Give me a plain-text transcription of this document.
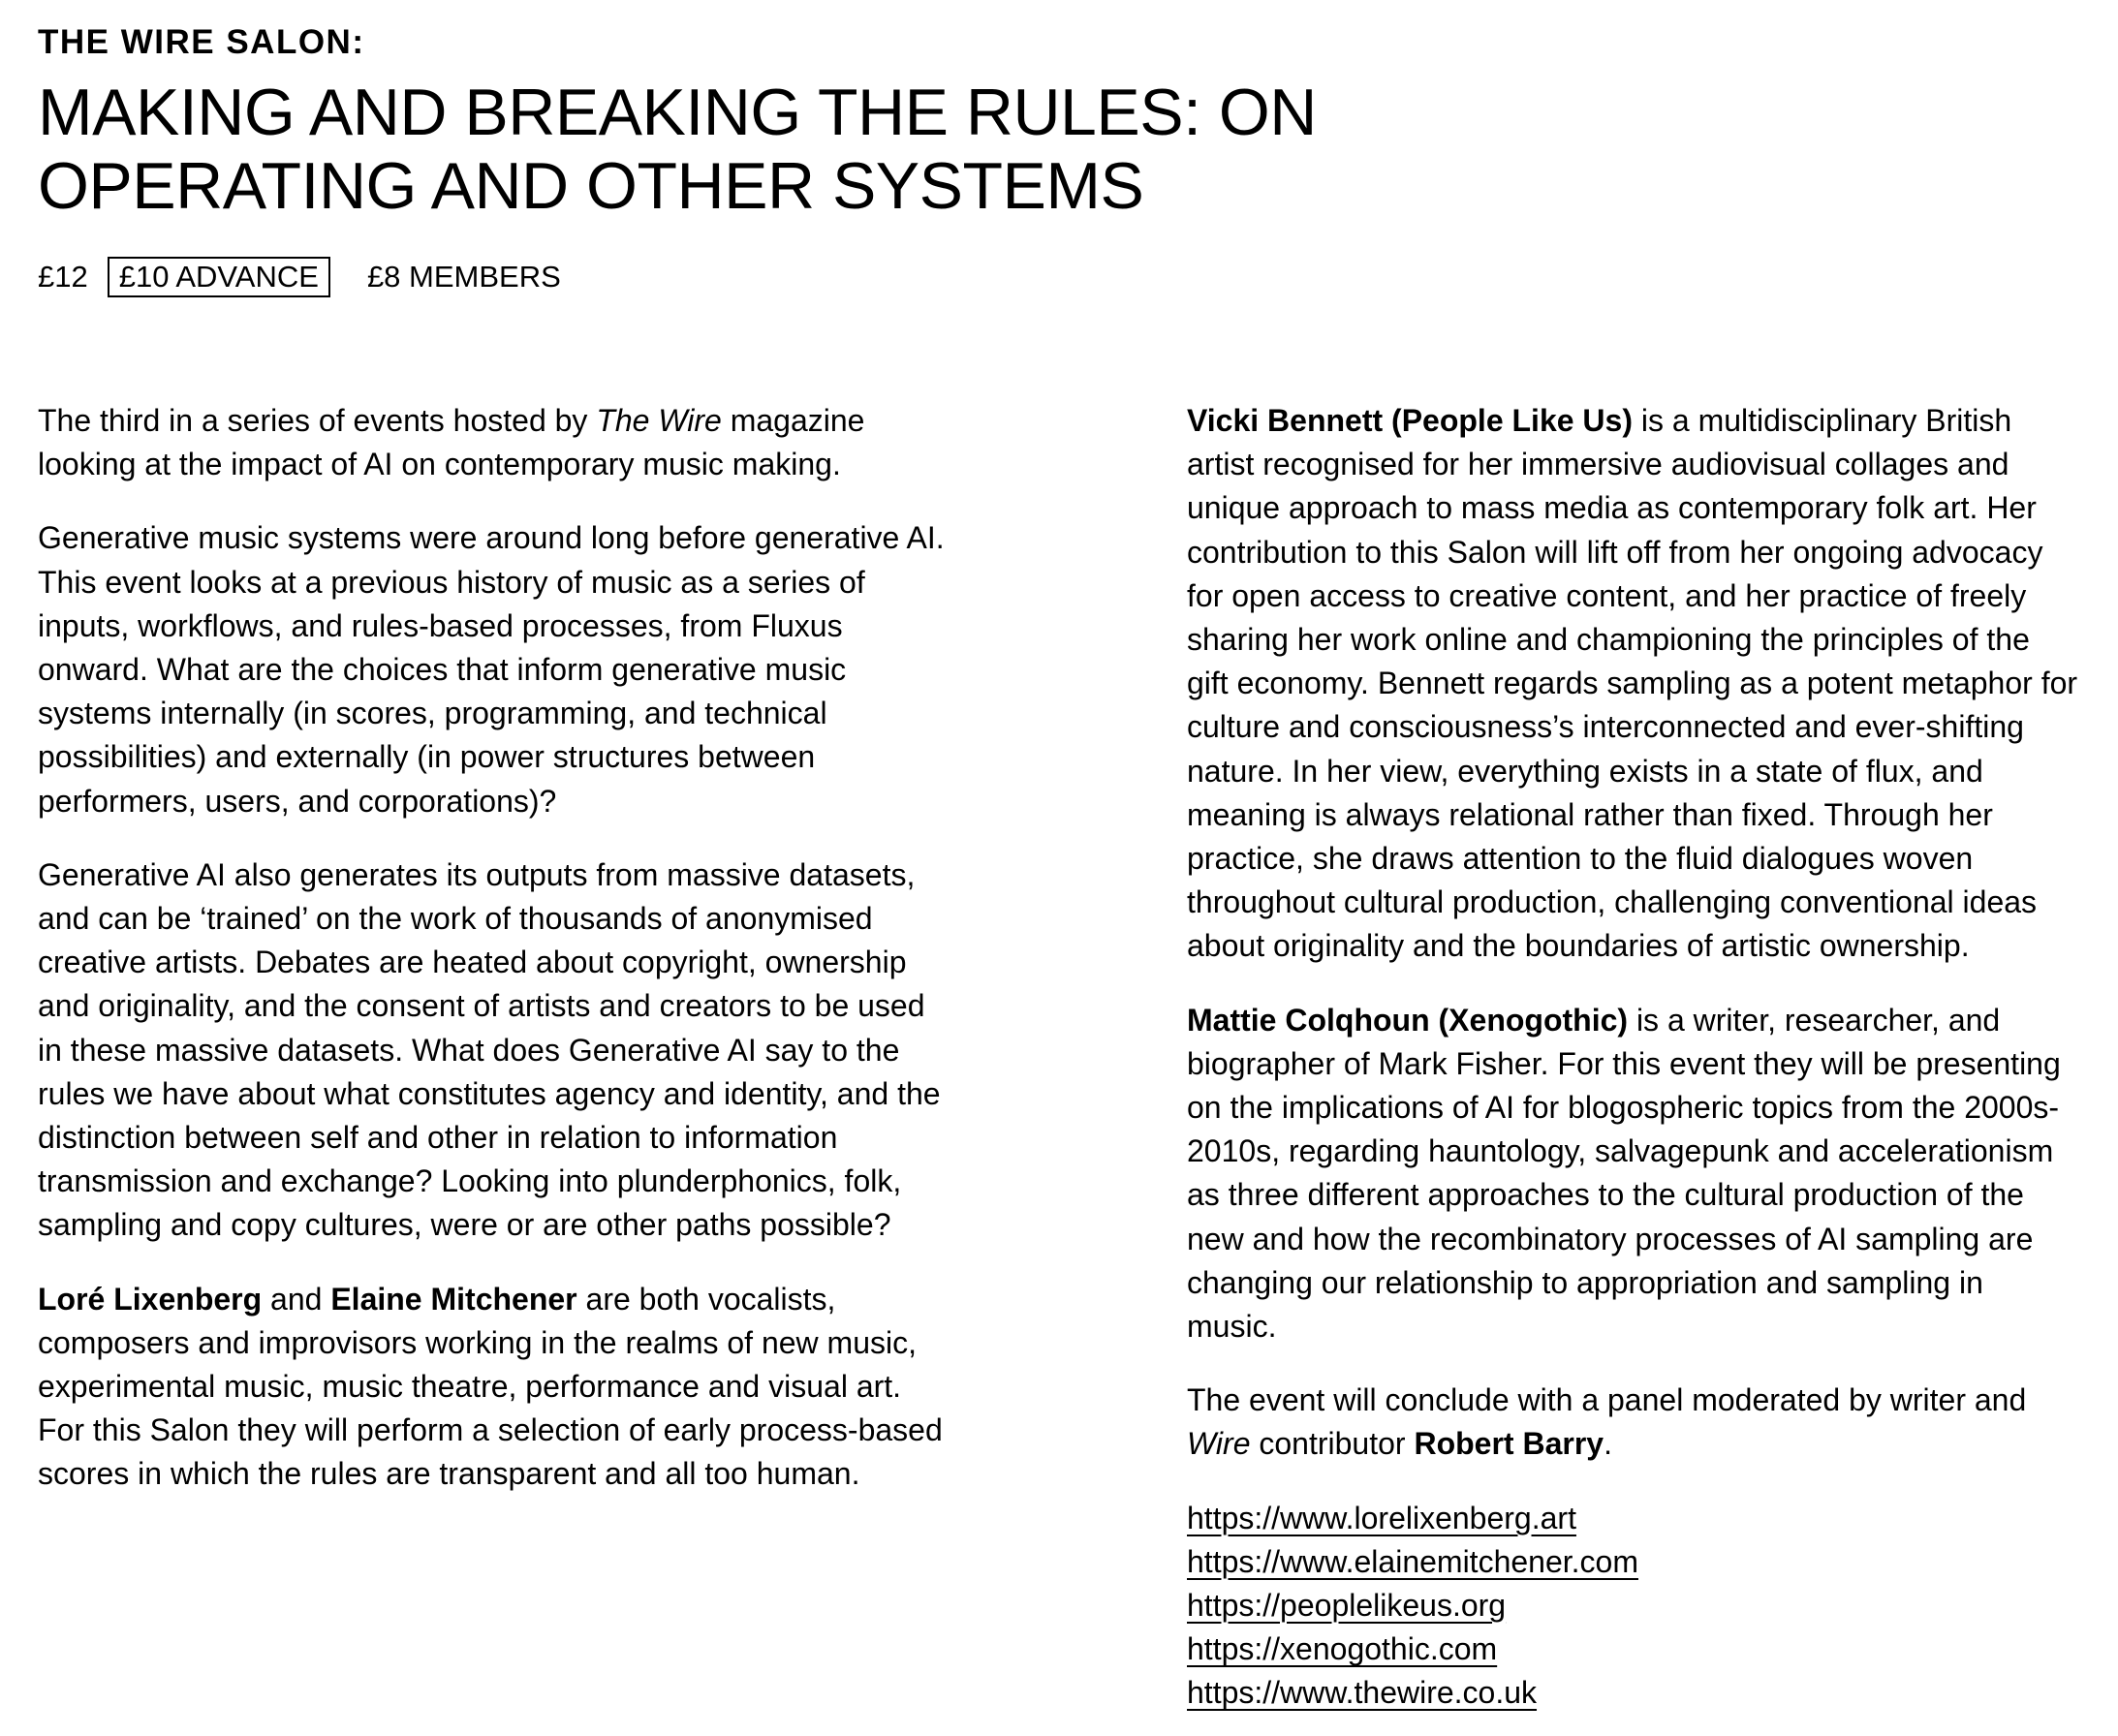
THE WIRE SALON:
MAKING AND BREAKING THE RULES: ON OPERATING AND OTHER SYSTEMS
£12	£10 ADVANCE	£8 MEMBERS

The third in a series of events hosted by The Wire magazine looking at the impact of AI on contemporary music making.

Generative music systems were around long before generative AI. This event looks at a previous history of music as a series of inputs, workflows, and rules-based processes, from Fluxus onward. What are the choices that inform generative music systems internally (in scores, programming, and technical possibilities) and externally (in power structures between performers, users, and corporations)?

Generative AI also generates its outputs from massive datasets, and can be ‘trained’ on the work of thousands of anonymised creative artists. Debates are heated about copyright, ownership and originality, and the consent of artists and creators to be used in these massive datasets. What does Generative AI say to the rules we have about what constitutes agency and identity, and the distinction between self and other in relation to information transmission and exchange? Looking into plunderphonics, folk, sampling and copy cultures, were or are other paths possible?

Loré Lixenberg and Elaine Mitchener are both vocalists, composers and improvisors working in the realms of new music, experimental music, music theatre, performance and visual art. For this Salon they will perform a selection of early process-based scores in which the rules are transparent and all too human.

Vicki Bennett (People Like Us) is a multidisciplinary British artist recognised for her immersive audiovisual collages and unique approach to mass media as contemporary folk art. Her contribution to this Salon will lift off from her ongoing advocacy for open access to creative content, and her practice of freely sharing her work online and championing the principles of the gift economy. Bennett regards sampling as a potent metaphor for culture and consciousness’s interconnected and ever-shifting nature. In her view, everything exists in a state of flux, and meaning is always relational rather than fixed. Through her practice, she draws attention to the fluid dialogues woven throughout cultural production, challenging conventional ideas about originality and the boundaries of artistic ownership.

Mattie Colqhoun (Xenogothic) is a writer, researcher, and biographer of Mark Fisher. For this event they will be presenting on the implications of AI for blogospheric topics from the 2000s-2010s, regarding hauntology, salvagepunk and accelerationism as three different approaches to the cultural production of the new and how the recombinatory processes of AI sampling are changing our relationship to appropriation and sampling in music.

The event will conclude with a panel moderated by writer and Wire contributor Robert Barry.

https://www.lorelixenberg.art
https://www.elainemitchener.com
https://peoplelikeus.org
https://xenogothic.com
https://www.thewire.co.uk
